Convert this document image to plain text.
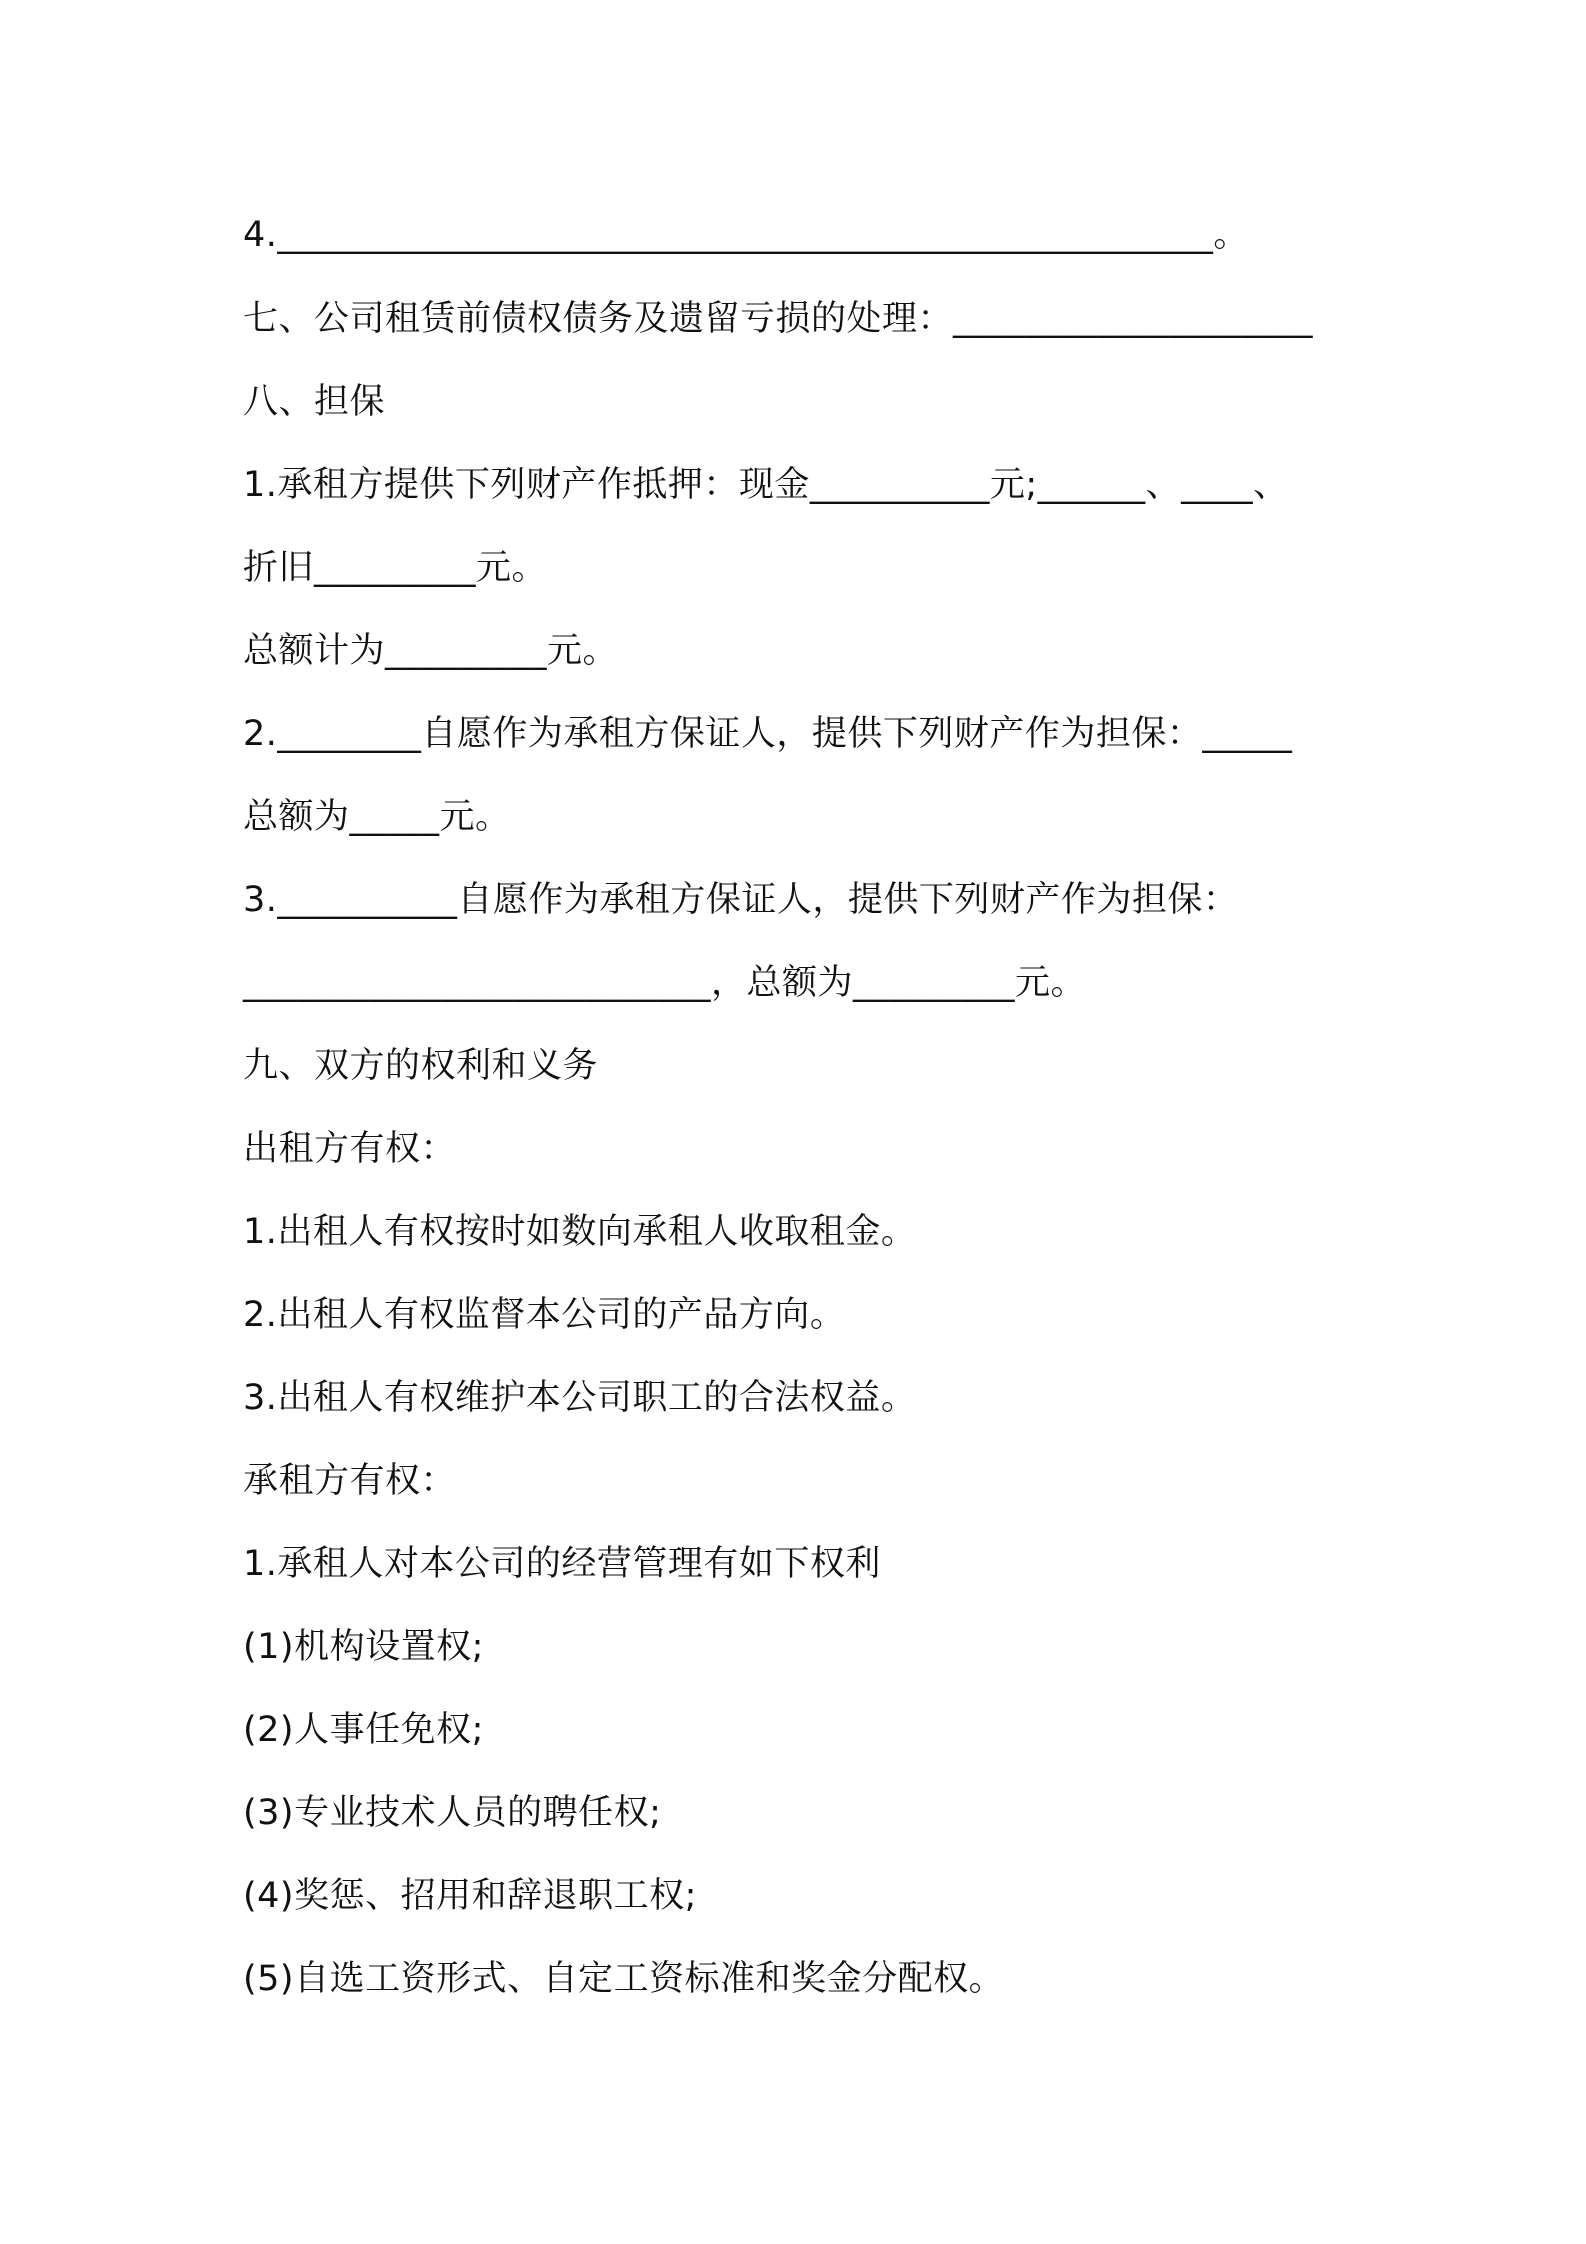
4.____________________________________________________。
七、公司租赁前债权债务及遗留亏损的处理：____________________
八、担保
1.承租方提供下列财产作抵押：现金__________元;______、____、
折旧_________元。
总额计为_________元。
2.________自愿作为承租方保证人，提供下列财产作为担保：_____
总额为_____元。
3.__________自愿作为承租方保证人，提供下列财产作为担保：
__________________________，总额为_________元。
九、双方的权利和义务
出租方有权：
1.出租人有权按时如数向承租人收取租金。
2.出租人有权监督本公司的产品方向。
3.出租人有权维护本公司职工的合法权益。
承租方有权：
1.承租人对本公司的经营管理有如下权利
(1)机构设置权;
(2)人事任免权;
(3)专业技术人员的聘任权;
(4)奖惩、招用和辞退职工权;
(5)自选工资形式、自定工资标准和奖金分配权。
